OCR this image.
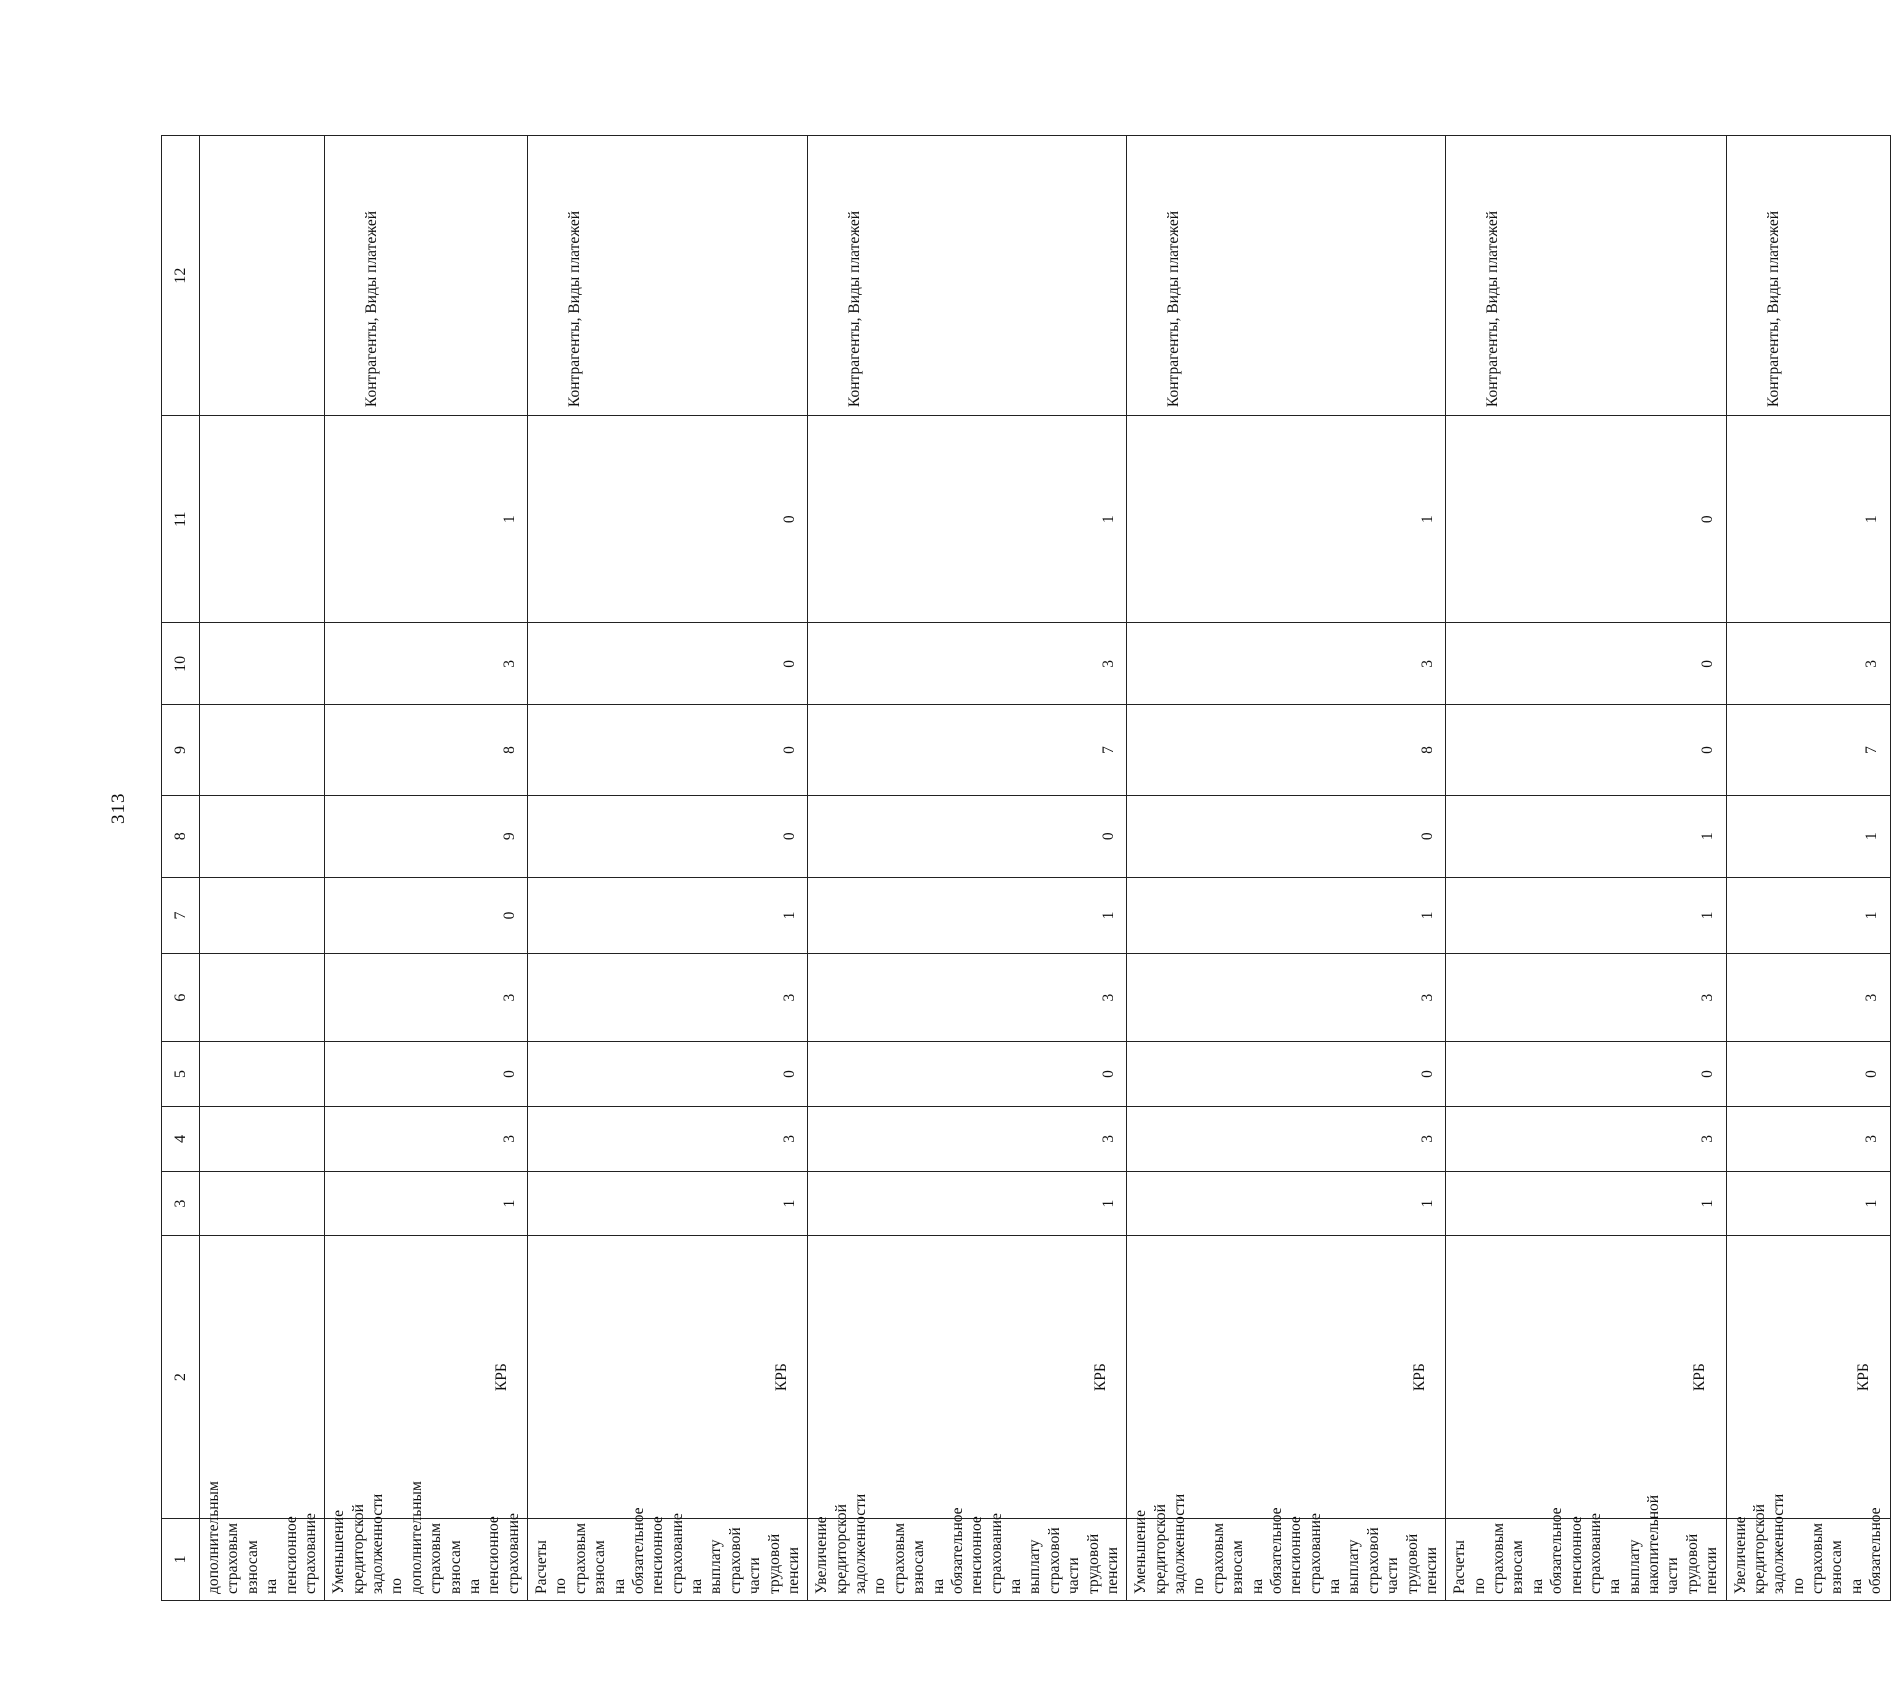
313
1	2	3	4	5	6	7	8	9	10	11	12
дополнительным страховым взносам на пенсионное страхование											
Уменьшение кредиторской задолженности по дополнительным страховым взносам на пенсионное страхование	КРБ	1	3	0	3	0	9	8	3	1	Контрагенты, Виды платежей
Расчеты по страховым взносам на обязательное пенсионное страхование на выплату страховой части трудовой пенсии	КРБ	1	3	0	3	1	0	0	0	0	Контрагенты, Виды платежей
Увеличение кредиторской задолженности по страховым взносам на обязательное пенсионное страхование на выплату страховой части трудовой пенсии	КРБ	1	3	0	3	1	0	7	3	1	Контрагенты, Виды платежей
Уменьшение кредиторской задолженности по страховым взносам на обязательное пенсионное страхование на выплату страховой части трудовой пенсии	КРБ	1	3	0	3	1	0	8	3	1	Контрагенты, Виды платежей
Расчеты по страховым взносам на обязательное пенсионное страхование на выплату накопительной части трудовой пенсии	КРБ	1	3	0	3	1	1	0	0	0	Контрагенты, Виды платежей
Увеличение кредиторской задолженности по страховым взносам на обязательное	КРБ	1	3	0	3	1	1	7	3	1	Контрагенты, Виды платежей
